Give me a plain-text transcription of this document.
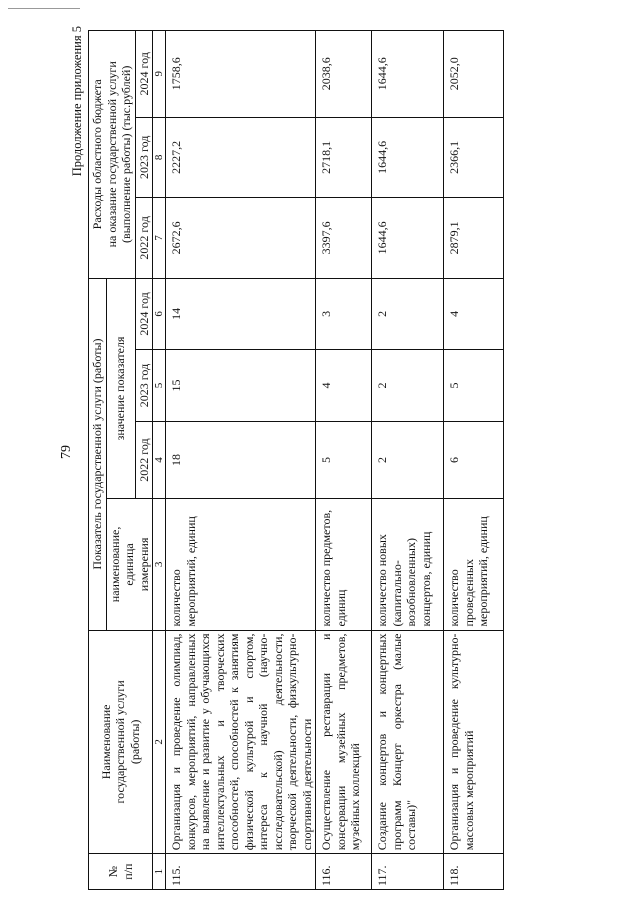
79
Продолжение приложения 5
№
п/п	Наименование
государственной услуги
(работы)	Показатель государственной услуги (работы)				Расходы областного бюджета
на оказание государственной услуги
(выполнение работы) (тыс.рублей)		
		наименование,
единица
измерения	значение показателя					
			2022 год	2023 год	2024 год	2022 год	2023 год	2024 год
1	2	3	4	5	6	7	8	9
115.	Организация и проведение олимпиад, конкурсов, мероприятий, направленных на выявление и развитие у обучающихся интеллектуальных и творческих способностей, способностей к занятиям физической культурой и спортом, интереса к научной (научно-исследовательской) деятельности, творческой деятельности, физкультурно-спортивной деятельности	количество мероприятий, единиц	18	15	14	2672,6	2227,2	1758,6
116.	Осуществление реставрации и консервации музейных предметов, музейных коллекций	количество предметов, единиц	5	4	3	3397,6	2718,1	2038,6
117.	Создание концертов и концертных программ Концерт оркестра (малые составы)"	количество новых (капитально-возобновленных) концертов, единиц	2	2	2	1644,6	1644,6	1644,6
118.	Организация и проведение культурно-массовых мероприятий	количество проведенных мероприятий, единиц	6	5	4	2879,1	2366,1	2052,0
